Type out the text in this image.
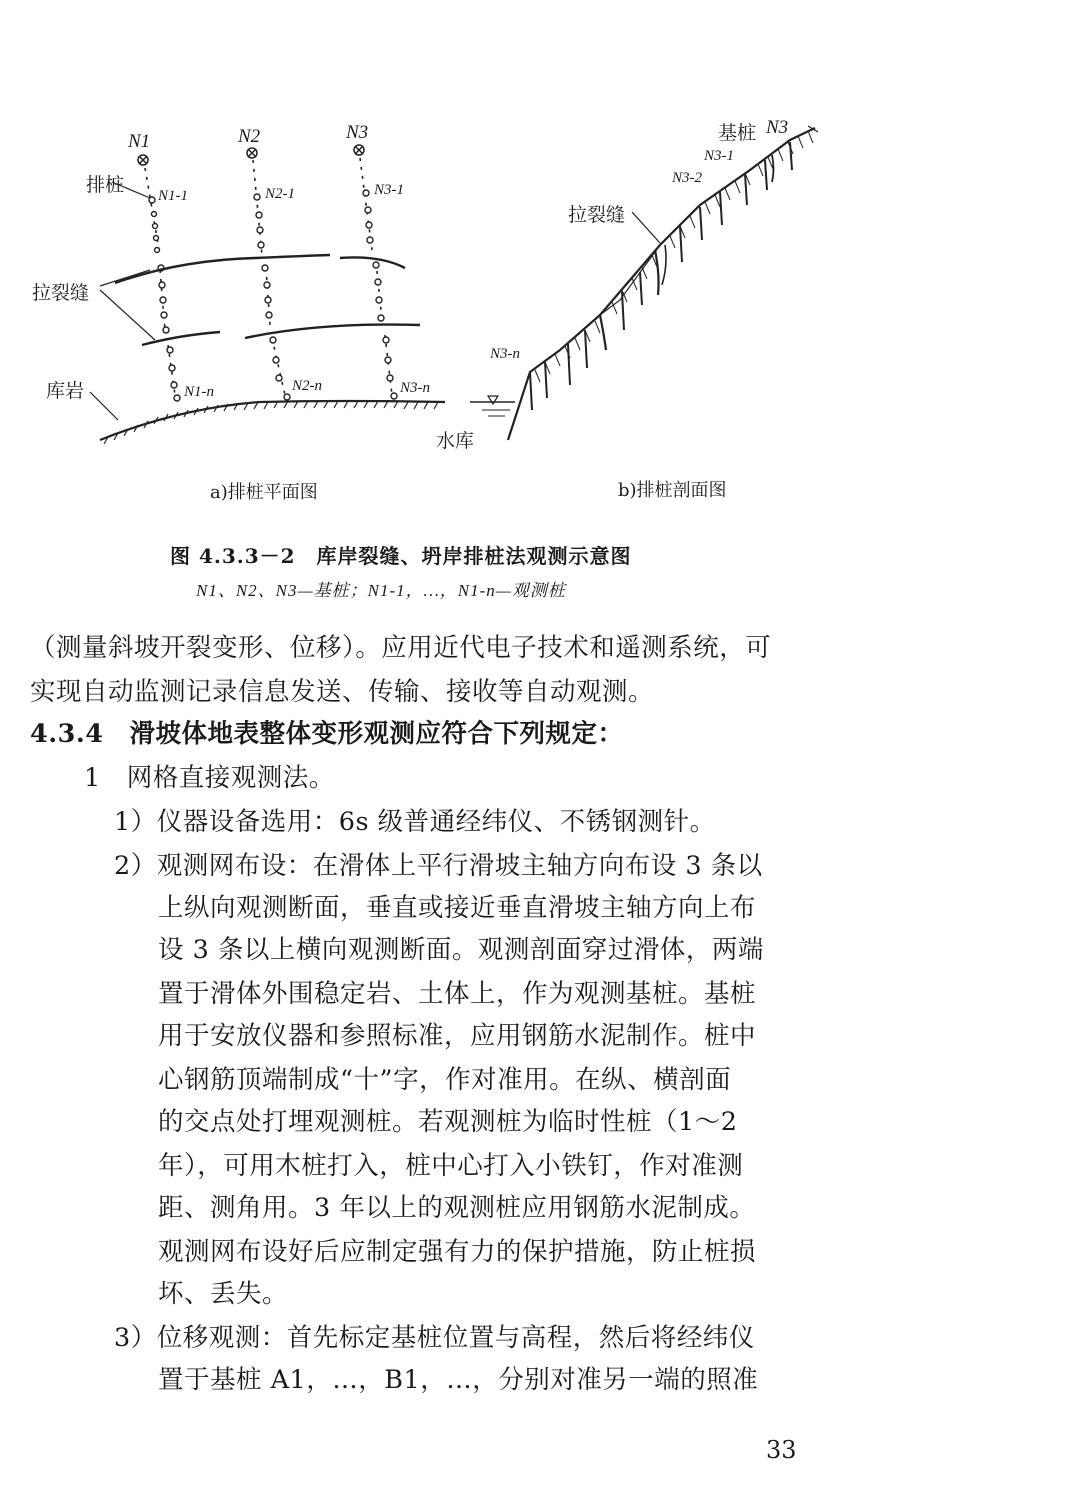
N1	N2	N3
排桩 N1-1	N2-1	N3-1
拉裂缝
库岩	N1-n	N2-n	N3-n
a)排桩平面图
基桩 N3
N3-1
N3-2
拉裂缝
N3-n
水库
b)排桩剖面图
图 4.3.3－2　库岸裂缝、坍岸排桩法观测示意图
N1、N2、N3—基桩；N1-1，…，N1-n—观测桩
（测量斜坡开裂变形、位移）。应用近代电子技术和遥测系统，可
实现自动监测记录信息发送、传输、接收等自动观测。
4.3.4　滑坡体地表整体变形观测应符合下列规定：
1　网格直接观测法。
1）仪器设备选用：6s 级普通经纬仪、不锈钢测针。
2）观测网布设：在滑体上平行滑坡主轴方向布设 3 条以
上纵向观测断面，垂直或接近垂直滑坡主轴方向上布
设 3 条以上横向观测断面。观测剖面穿过滑体，两端
置于滑体外围稳定岩、土体上，作为观测基桩。基桩
用于安放仪器和参照标准，应用钢筋水泥制作。桩中
心钢筋顶端制成“十”字，作对准用。在纵、横剖面
的交点处打埋观测桩。若观测桩为临时性桩（1～2
年），可用木桩打入，桩中心打入小铁钉，作对准测
距、测角用。3 年以上的观测桩应用钢筋水泥制成。
观测网布设好后应制定强有力的保护措施，防止桩损
坏、丢失。
3）位移观测：首先标定基桩位置与高程，然后将经纬仪
置于基桩 A1，…，B1，…，分别对准另一端的照准
33
